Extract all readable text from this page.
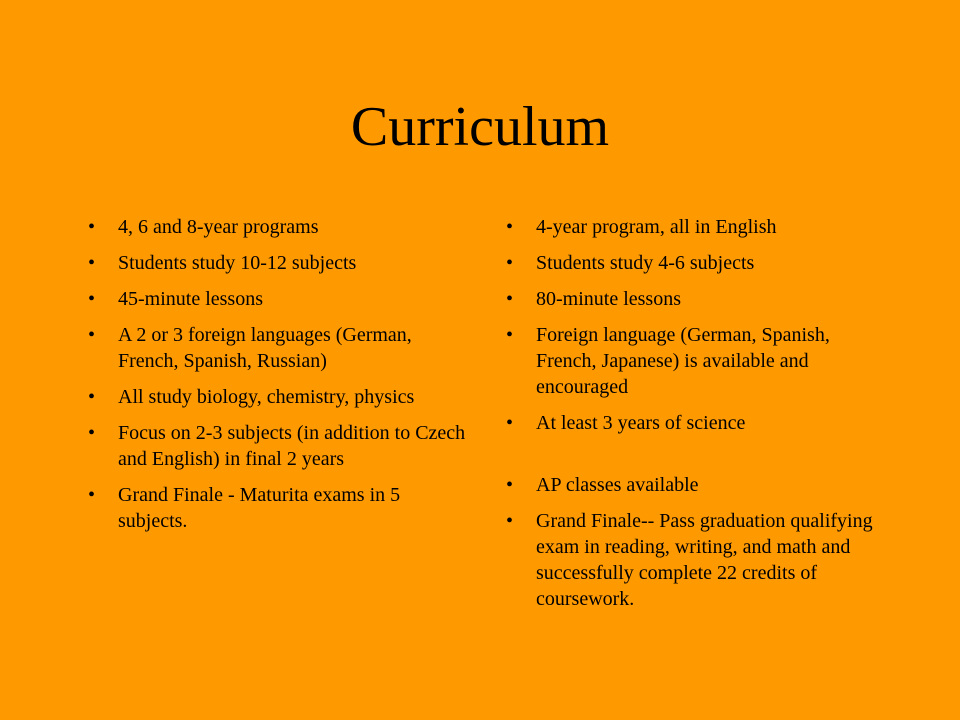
Curriculum
• 4, 6 and 8-year programs
• Students study 10-12 subjects
• 45-minute lessons
• A 2 or 3 foreign languages (German, French, Spanish, Russian)
• All study biology, chemistry, physics
• Focus on 2-3 subjects (in addition to Czech and English) in final 2 years
• Grand Finale - Maturita exams in 5 subjects.
• 4-year program, all in English
• Students study 4-6 subjects
• 80-minute lessons
• Foreign language (German, Spanish, French, Japanese) is available and encouraged
• At least 3 years of science
• AP classes available
• Grand Finale-- Pass graduation qualifying exam in reading, writing, and math and successfully complete 22 credits of coursework.
